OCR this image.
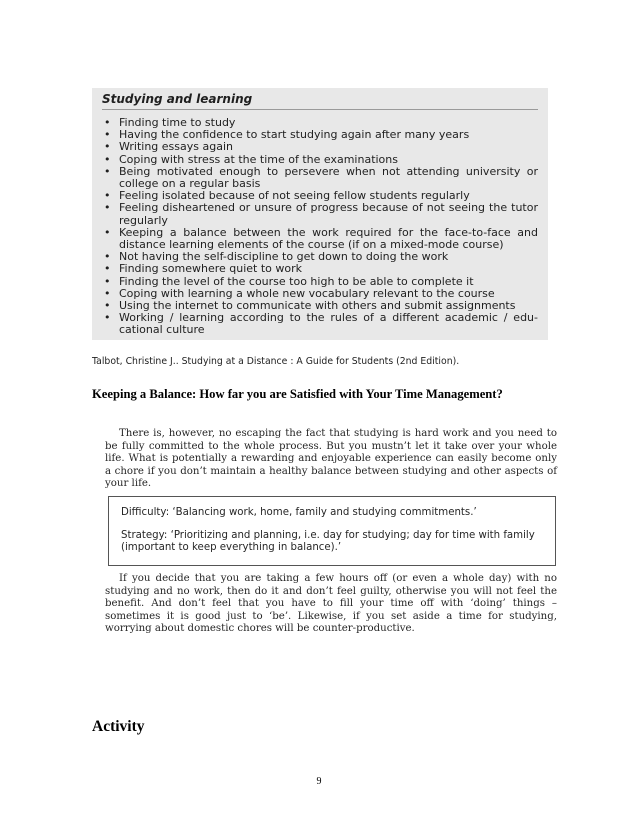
Studying and learning
• Finding time to study
• Having the confidence to start studying again after many years
• Writing essays again
• Coping with stress at the time of the examinations
• Being motivated enough to persevere when not attending university or college on a regular basis
• Feeling isolated because of not seeing fellow students regularly
• Feeling disheartened or unsure of progress because of not seeing the tutor regularly
• Keeping a balance between the work required for the face-to-face and distance learning elements of the course (if on a mixed-mode course)
• Not having the self-discipline to get down to doing the work
• Finding somewhere quiet to work
• Finding the level of the course too high to be able to complete it
• Coping with learning a whole new vocabulary relevant to the course
• Using the internet to communicate with others and submit assignments
• Working / learning according to the rules of a different academic / edu-cational culture
Talbot, Christine J.. Studying at a Distance : A Guide for Students (2nd Edition).
Keeping a Balance: How far you are Satisfied with Your Time Management?

There is, however, no escaping the fact that studying is hard work and you need to be fully committed to the whole process. But you mustn’t let it take over your whole life. What is potentially a rewarding and enjoyable experience can easily become only a chore if you don’t maintain a healthy balance between studying and other aspects of your life.

Difficulty: ‘Balancing work, home, family and studying commitments.’

Strategy: ‘Prioritizing and planning, i.e. day for studying; day for time with family (important to keep everything in balance).’

If you decide that you are taking a few hours off (or even a whole day) with no studying and no work, then do it and don’t feel guilty, otherwise you will not feel the benefit. And don’t feel that you have to fill your time off with ‘doing’ things – sometimes it is good just to ‘be’. Likewise, if you set aside a time for studying, worrying about domestic chores will be counter-productive.

Activity
9
